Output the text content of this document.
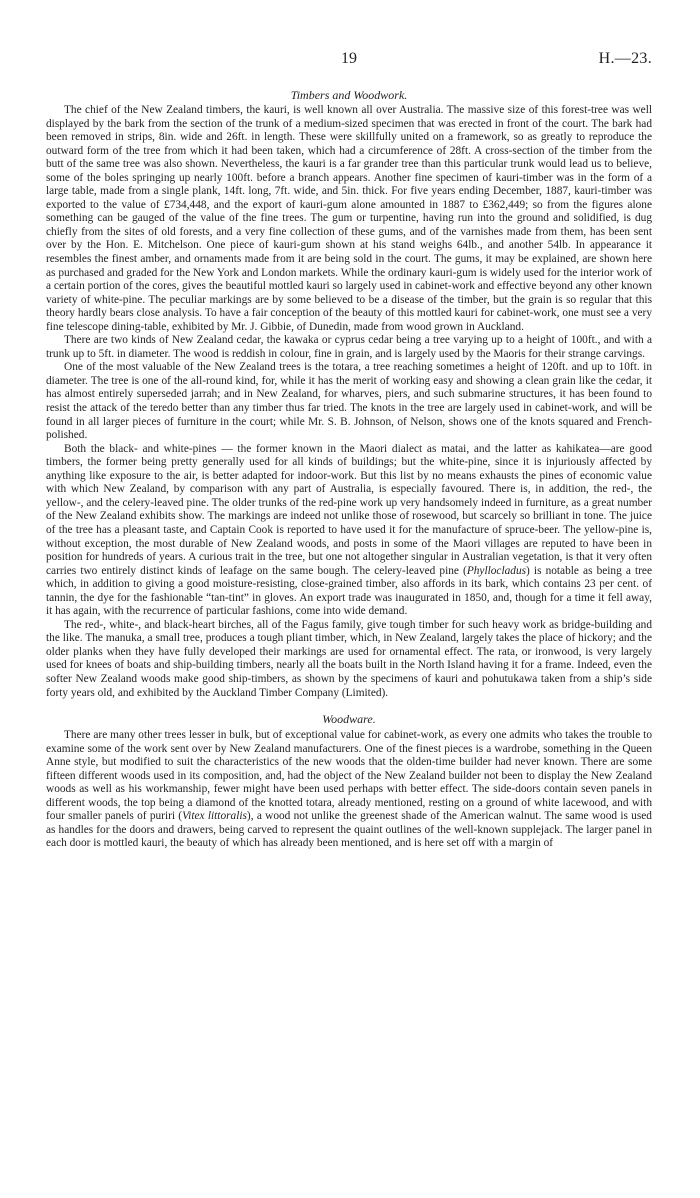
19	H.—23.
Timbers and Woodwork.

The chief of the New Zealand timbers, the kauri, is well known all over Australia. The massive size of this forest-tree was well displayed by the bark from the section of the trunk of a medium-sized specimen that was erected in front of the court. The bark had been removed in strips, 8in. wide and 26ft. in length. These were skillfully united on a framework, so as greatly to reproduce the outward form of the tree from which it had been taken, which had a circumference of 28ft. A cross-section of the timber from the butt of the same tree was also shown. Nevertheless, the kauri is a far grander tree than this particular trunk would lead us to believe, some of the boles springing up nearly 100ft. before a branch appears. Another fine specimen of kauri-timber was in the form of a large table, made from a single plank, 14ft. long, 7ft. wide, and 5in. thick. For five years ending December, 1887, kauri-timber was exported to the value of £734,448, and the export of kauri-gum alone amounted in 1887 to £362,449; so from the figures alone something can be gauged of the value of the fine trees. The gum or turpentine, having run into the ground and solidified, is dug chiefly from the sites of old forests, and a very fine collection of these gums, and of the varnishes made from them, has been sent over by the Hon. E. Mitchelson. One piece of kauri-gum shown at his stand weighs 64lb., and another 54lb. In appearance it resembles the finest amber, and ornaments made from it are being sold in the court. The gums, it may be explained, are shown here as purchased and graded for the New York and London markets. While the ordinary kauri-gum is widely used for the interior work of a certain portion of the cores, gives the beautiful mottled kauri so largely used in cabinet-work and effective beyond any other known variety of white-pine. The peculiar markings are by some believed to be a disease of the timber, but the grain is so regular that this theory hardly bears close analysis. To have a fair conception of the beauty of this mottled kauri for cabinet-work, one must see a very fine telescope dining-table, exhibited by Mr. J. Gibbie, of Dunedin, made from wood grown in Auckland.

There are two kinds of New Zealand cedar, the kawaka or cyprus cedar being a tree varying up to a height of 100ft., and with a trunk up to 5ft. in diameter. The wood is reddish in colour, fine in grain, and is largely used by the Maoris for their strange carvings.

One of the most valuable of the New Zealand trees is the totara, a tree reaching sometimes a height of 120ft. and up to 10ft. in diameter. The tree is one of the all-round kind, for, while it has the merit of working easy and showing a clean grain like the cedar, it has almost entirely superseded jarrah; and in New Zealand, for wharves, piers, and such submarine structures, it has been found to resist the attack of the teredo better than any timber thus far tried. The knots in the tree are largely used in cabinet-work, and will be found in all larger pieces of furniture in the court; while Mr. S. B. Johnson, of Nelson, shows one of the knots squared and French-polished.

Both the black- and white-pines — the former known in the Maori dialect as matai, and the latter as kahikatea—are good timbers, the former being pretty generally used for all kinds of buildings; but the white-pine, since it is injuriously affected by anything like exposure to the air, is better adapted for indoor-work. But this list by no means exhausts the pines of economic value with which New Zealand, by comparison with any part of Australia, is especially favoured. There is, in addition, the red-, the yellow-, and the celery-leaved pine. The older trunks of the red-pine work up very handsomely indeed in furniture, as a great number of the New Zealand exhibits show. The markings are indeed not unlike those of rosewood, but scarcely so brilliant in tone. The juice of the tree has a pleasant taste, and Captain Cook is reported to have used it for the manufacture of spruce-beer. The yellow-pine is, without exception, the most durable of New Zealand woods, and posts in some of the Maori villages are reputed to have been in position for hundreds of years. A curious trait in the tree, but one not altogether singular in Australian vegetation, is that it very often carries two entirely distinct kinds of leafage on the same bough. The celery-leaved pine (Phyllocladus) is notable as being a tree which, in addition to giving a good moisture-resisting, close-grained timber, also affords in its bark, which contains 23 per cent. of tannin, the dye for the fashionable “tan-tint” in gloves. An export trade was inaugurated in 1850, and, though for a time it fell away, it has again, with the recurrence of particular fashions, come into wide demand.

The red-, white-, and black-heart birches, all of the Fagus family, give tough timber for such heavy work as bridge-building and the like. The manuka, a small tree, produces a tough pliant timber, which, in New Zealand, largely takes the place of hickory; and the older planks when they have fully developed their markings are used for ornamental effect. The rata, or ironwood, is very largely used for knees of boats and ship-building timbers, nearly all the boats built in the North Island having it for a frame. Indeed, even the softer New Zealand woods make good ship-timbers, as shown by the specimens of kauri and pohutukawa taken from a ship’s side forty years old, and exhibited by the Auckland Timber Company (Limited).

Woodware.

There are many other trees lesser in bulk, but of exceptional value for cabinet-work, as every one admits who takes the trouble to examine some of the work sent over by New Zealand manufacturers. One of the finest pieces is a wardrobe, something in the Queen Anne style, but modified to suit the characteristics of the new woods that the olden-time builder had never known. There are some fifteen different woods used in its composition, and, had the object of the New Zealand builder not been to display the New Zealand woods as well as his workmanship, fewer might have been used perhaps with better effect. The side-doors contain seven panels in different woods, the top being a diamond of the knotted totara, already mentioned, resting on a ground of white lacewood, and with four smaller panels of puriri (Vitex littoralis), a wood not unlike the greenest shade of the American walnut. The same wood is used as handles for the doors and drawers, being carved to represent the quaint outlines of the well-known supplejack. The larger panel in each door is mottled kauri, the beauty of which has already been mentioned, and is here set off with a margin of
